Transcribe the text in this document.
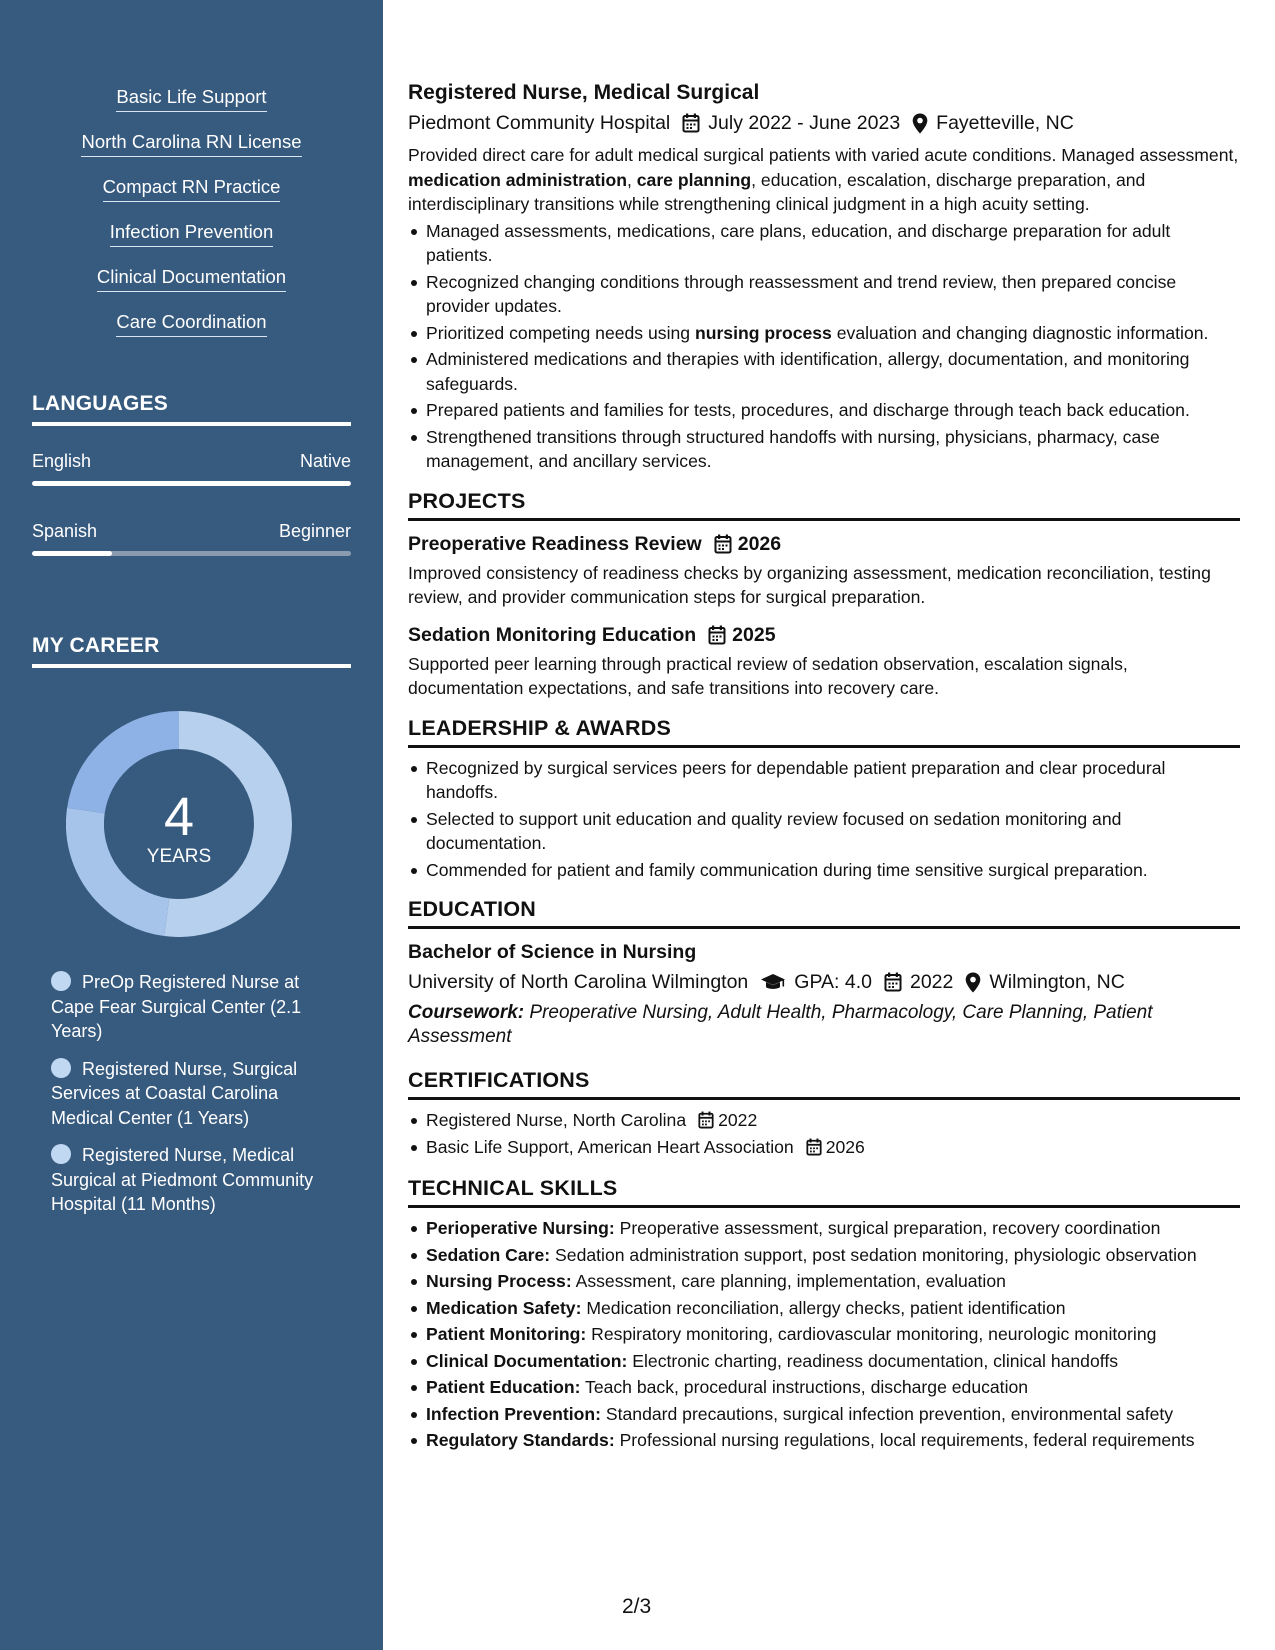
Basic Life Support
North Carolina RN License
Compact RN Practice
Infection Prevention
Clinical Documentation
Care Coordination
LANGUAGES
English	Native
Spanish	Beginner
MY CAREER
4
YEARS
PreOp Registered Nurse at Cape Fear Surgical Center (2.1 Years)
Registered Nurse, Surgical Services at Coastal Carolina Medical Center (1 Years)
Registered Nurse, Medical Surgical at Piedmont Community Hospital (11 Months)
Registered Nurse, Medical Surgical
Piedmont Community Hospital July 2022 - June 2023 Fayetteville, NC
Provided direct care for adult medical surgical patients with varied acute conditions. Managed assessment, medication administration, care planning, education, escalation, discharge preparation, and interdisciplinary transitions while strengthening clinical judgment in a high acuity setting.
Managed assessments, medications, care plans, education, and discharge preparation for adult patients.
Recognized changing conditions through reassessment and trend review, then prepared concise provider updates.
Prioritized competing needs using nursing process evaluation and changing diagnostic information.
Administered medications and therapies with identification, allergy, documentation, and monitoring safeguards.
Prepared patients and families for tests, procedures, and discharge through teach back education.
Strengthened transitions through structured handoffs with nursing, physicians, pharmacy, case management, and ancillary services.
PROJECTS
Preoperative Readiness Review 2026
Improved consistency of readiness checks by organizing assessment, medication reconciliation, testing review, and provider communication steps for surgical preparation.
Sedation Monitoring Education 2025
Supported peer learning through practical review of sedation observation, escalation signals, documentation expectations, and safe transitions into recovery care.
LEADERSHIP & AWARDS
Recognized by surgical services peers for dependable patient preparation and clear procedural handoffs.
Selected to support unit education and quality review focused on sedation monitoring and documentation.
Commended for patient and family communication during time sensitive surgical preparation.
EDUCATION
Bachelor of Science in Nursing
University of North Carolina Wilmington GPA: 4.0 2022 Wilmington, NC
Coursework: Preoperative Nursing, Adult Health, Pharmacology, Care Planning, Patient Assessment
CERTIFICATIONS
Registered Nurse, North Carolina 2022
Basic Life Support, American Heart Association 2026
TECHNICAL SKILLS
Perioperative Nursing: Preoperative assessment, surgical preparation, recovery coordination
Sedation Care: Sedation administration support, post sedation monitoring, physiologic observation
Nursing Process: Assessment, care planning, implementation, evaluation
Medication Safety: Medication reconciliation, allergy checks, patient identification
Patient Monitoring: Respiratory monitoring, cardiovascular monitoring, neurologic monitoring
Clinical Documentation: Electronic charting, readiness documentation, clinical handoffs
Patient Education: Teach back, procedural instructions, discharge education
Infection Prevention: Standard precautions, surgical infection prevention, environmental safety
Regulatory Standards: Professional nursing regulations, local requirements, federal requirements
2/3
